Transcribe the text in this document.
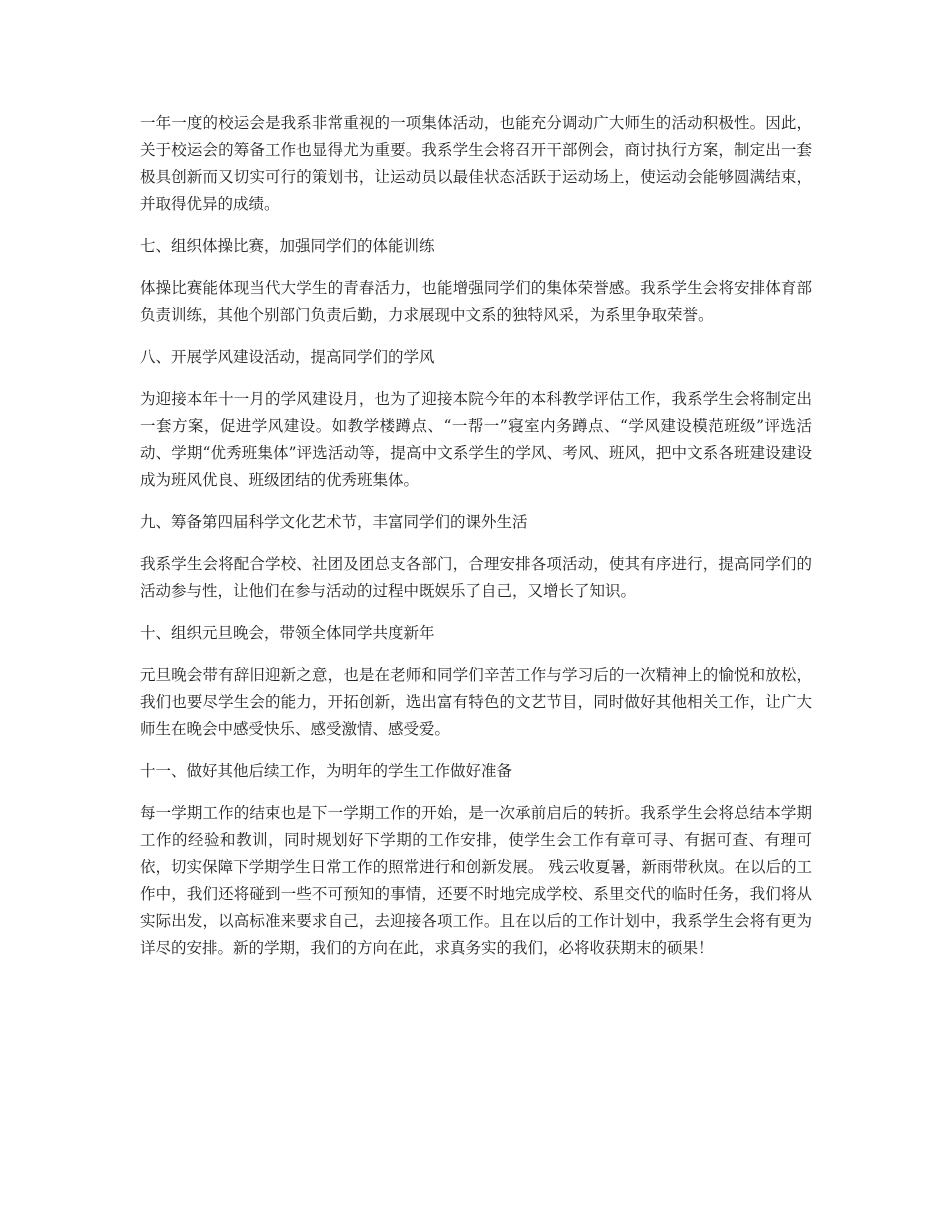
一年一度的校运会是我系非常重视的一项集体活动，也能充分调动广大师生的活动积极性。因此，关于校运会的筹备工作也显得尤为重要。我系学生会将召开干部例会，商讨执行方案，制定出一套极具创新而又切实可行的策划书，让运动员以最佳状态活跃于运动场上，使运动会能够圆满结束，并取得优异的成绩。

七、组织体操比赛，加强同学们的体能训练

体操比赛能体现当代大学生的青春活力，也能增强同学们的集体荣誉感。我系学生会将安排体育部负责训练，其他个别部门负责后勤，力求展现中文系的独特风采，为系里争取荣誉。

八、开展学风建设活动，提高同学们的学风

为迎接本年十一月的学风建设月，也为了迎接本院今年的本科教学评估工作，我系学生会将制定出一套方案，促进学风建设。如教学楼蹲点、“一帮一”寝室内务蹲点、“学风建设模范班级”评选活动、学期“优秀班集体”评选活动等，提高中文系学生的学风、考风、班风，把中文系各班建设建设成为班风优良、班级团结的优秀班集体。

九、筹备第四届科学文化艺术节，丰富同学们的课外生活

我系学生会将配合学校、社团及团总支各部门，合理安排各项活动，使其有序进行，提高同学们的活动参与性，让他们在参与活动的过程中既娱乐了自己，又增长了知识。

十、组织元旦晚会，带领全体同学共度新年

元旦晚会带有辞旧迎新之意，也是在老师和同学们辛苦工作与学习后的一次精神上的愉悦和放松，我们也要尽学生会的能力，开拓创新，选出富有特色的文艺节目，同时做好其他相关工作，让广大师生在晚会中感受快乐、感受激情、感受爱。

十一、做好其他后续工作，为明年的学生工作做好准备

每一学期工作的结束也是下一学期工作的开始，是一次承前启后的转折。我系学生会将总结本学期工作的经验和教训，同时规划好下学期的工作安排，使学生会工作有章可寻、有据可查、有理可依，切实保障下学期学生日常工作的照常进行和创新发展。 残云收夏暑，新雨带秋岚。在以后的工作中，我们还将碰到一些不可预知的事情，还要不时地完成学校、系里交代的临时任务，我们将从实际出发，以高标准来要求自己，去迎接各项工作。且在以后的工作计划中，我系学生会将有更为详尽的安排。新的学期，我们的方向在此，求真务实的我们，必将收获期末的硕果！
